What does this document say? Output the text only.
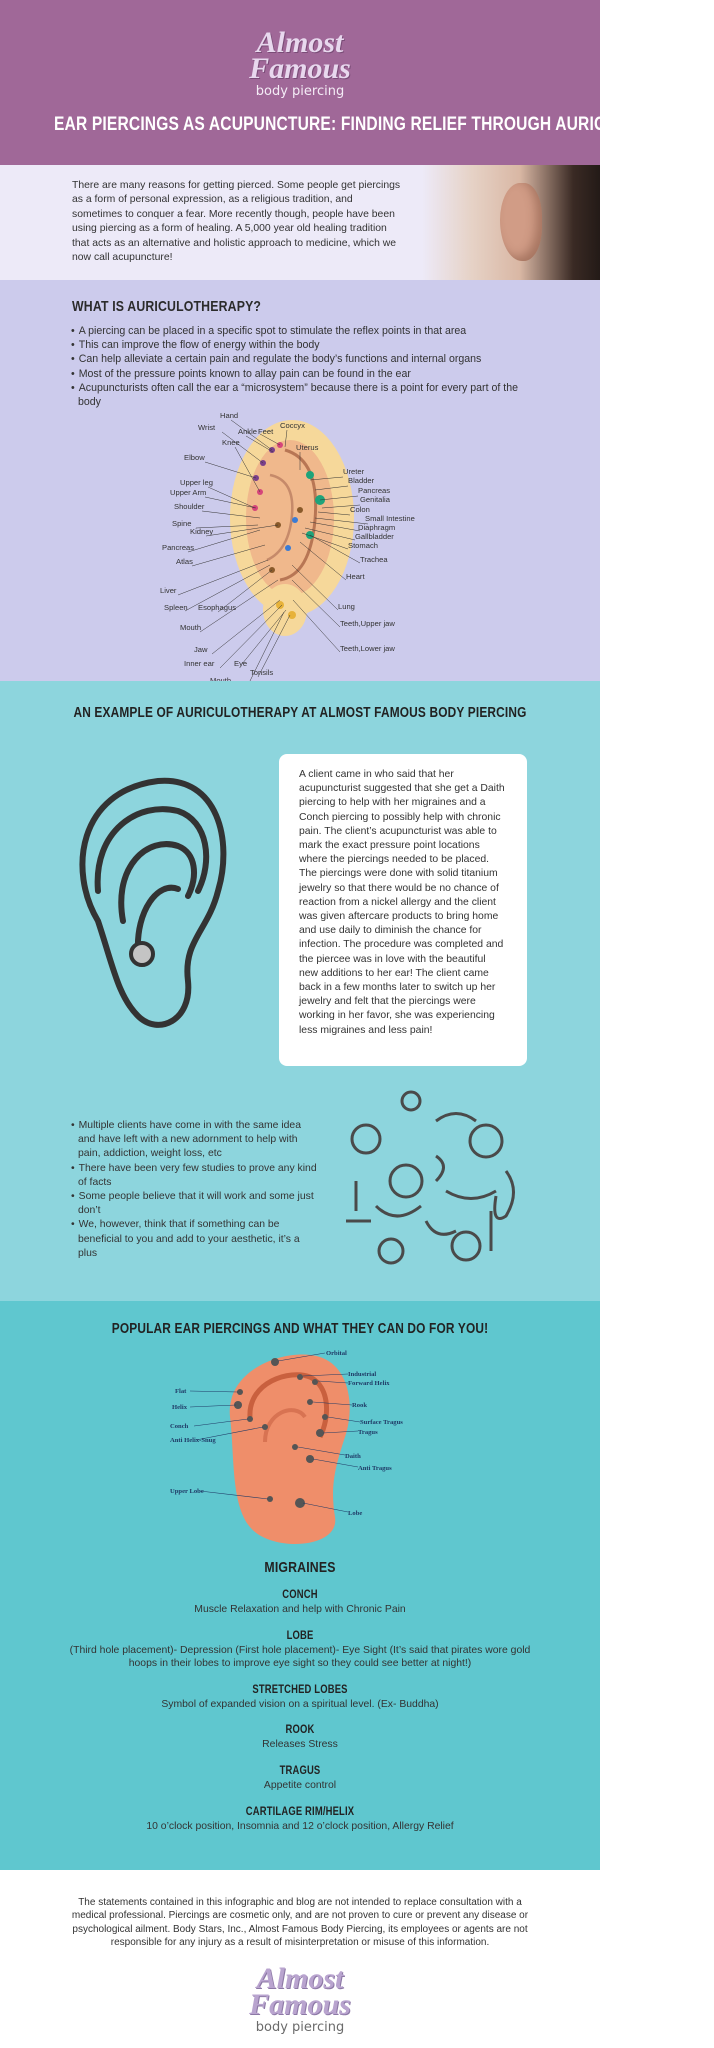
Almost
Famous
body piercing
EAR PIERCINGS AS ACUPUNCTURE: FINDING RELIEF THROUGH AURICULOTHERAPY

There are many reasons for getting pierced. Some people get piercings as a form of personal expression, as a religious tradition, and sometimes to conquer a fear. More recently though, people have been using piercing as a form of healing. A 5,000 year old healing tradition that acts as an alternative and holistic approach to medicine, which we now call acupuncture!

WHAT IS AURICULOTHERAPY?
• A piercing can be placed in a specific spot to stimulate the reflex points in that area
• This can improve the flow of energy within the body
• Can help alleviate a certain pain and regulate the body’s functions and internal organs
• Most of the pressure points known to allay pain can be found in the ear
• Acupuncturists often call the ear a “microsystem” because there is a point for every part of the body
Hand
Wrist	Ankle Feet
Coccyx
Knee
Elbow
Uterus
Upper leg
Upper Arm
Shoulder
Spine
Kidney
Pancreas
Atlas
Liver
Spleen Esophagus
Mouth
Jaw
Inner ear	Eye
Tonsils
Ureter
Bladder
Pancreas
Genitalia
Colon
Small Intestine
Diaphragm
Gallbladder
Stomach
Trachea
Heart
Lung
Teeth,Upper jaw
Teeth,Lower jaw
AN EXAMPLE OF AURICULOTHERAPY AT ALMOST FAMOUS BODY PIERCING

A client came in who said that her acupuncturist suggested that she get a Daith piercing to help with her migraines and a Conch piercing to possibly help with chronic pain. The client’s acupuncturist was able to mark the exact pressure point locations where the piercings needed to be placed. The piercings were done with solid titanium jewelry so that there would be no chance of reaction from a nickel allergy and the client was given aftercare products to bring home and use daily to diminish the chance for infection. The procedure was completed and the piercee was in love with the beautiful new additions to her ear! The client came back in a few months later to switch up her jewelry and felt that the piercings were working in her favor, she was experiencing less migraines and less pain!

• Multiple clients have come in with the same idea and have left with a new adornment to help with pain, addiction, weight loss, etc
• There have been very few studies to prove any kind of facts
• Some people believe that it will work and some just don’t
• We, however, think that if something can be beneficial to you and add to your aesthetic, it’s a plus
POPULAR EAR PIERCINGS AND WHAT THEY CAN DO FOR YOU!
Orbital
Industrial
Forward Helix
Flat
Helix	Rook
Surface Tragus
Conch
Tragus
Anti Helix-Snug
Daith
Anti Tragus
Upper Lobe
Lobe
MIGRAINES
CONCH

Muscle Relaxation and help with Chronic Pain

LOBE

(Third hole placement)- Depression (First hole placement)- Eye Sight (It’s said that pirates wore gold hoops in their lobes to improve eye sight so they could see better at night!)

STRETCHED LOBES

Symbol of expanded vision on a spiritual level. (Ex- Buddha)

ROOK

Releases Stress

TRAGUS

Appetite control

CARTILAGE RIM/HELIX

10 o’clock position, Insomnia and 12 o’clock position, Allergy Relief

The statements contained in this infographic and blog are not intended to replace consultation with a medical professional. Piercings are cosmetic only, and are not proven to cure or prevent any disease or psychological ailment. Body Stars, Inc., Almost Famous Body Piercing, its employees or agents are not responsible for any injury as a result of misinterpretation or misuse of this information.

Almost
Famous
body piercing
